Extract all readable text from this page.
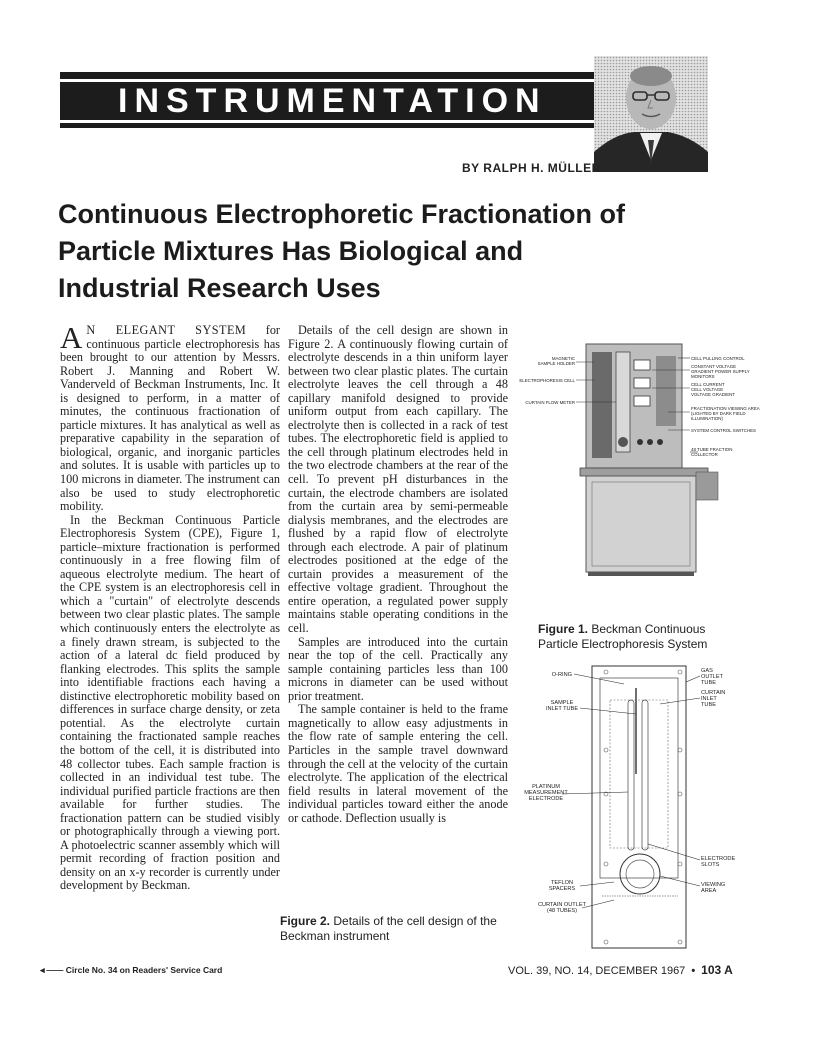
INSTRUMENTATION
BY RALPH H. MÜLLER
Continuous Electrophoretic Fractionation of
Particle Mixtures Has Biological and
Industrial Research Uses

A N ELEGANT SYSTEM for continuous particle electrophoresis has been brought to our attention by Messrs. Robert J. Manning and Robert W. Vanderveld of Beckman Instruments, Inc. It is designed to perform, in a matter of minutes, the continuous fractionation of particle mixtures. It has analytical as well as preparative capability in the separation of biological, organic, and inorganic particles and solutes. It is usable with particles up to 100 microns in diameter. The instrument can also be used to study electrophoretic mobility.

In the Beckman Continuous Particle Electrophoresis System (CPE), Figure 1, particle–mixture fractionation is performed continuously in a free flowing film of aqueous electrolyte medium. The heart of the CPE system is an electrophoresis cell in which a "curtain" of electrolyte descends between two clear plastic plates. The sample which continuously enters the electrolyte as a finely drawn stream, is subjected to the action of a lateral dc field produced by flanking electrodes. This splits the sample into identifiable fractions each having a distinctive electrophoretic mobility based on differences in surface charge density, or zeta potential. As the electrolyte curtain containing the fractionated sample reaches the bottom of the cell, it is distributed into 48 collector tubes. Each sample fraction is collected in an individual test tube. The individual purified particle fractions are then available for further studies. The fractionation pattern can be studied visibly or photographically through a viewing port. A photoelectric scanner assembly which will permit recording of fraction position and density on an x-y recorder is currently under development by Beckman.

Details of the cell design are shown in Figure 2. A continuously flowing curtain of electrolyte descends in a thin uniform layer between two clear plastic plates. The curtain electrolyte leaves the cell through a 48 capillary manifold designed to provide uniform output from each capillary. The electrolyte then is collected in a rack of test tubes. The electrophoretic field is applied to the cell through platinum electrodes held in the two electrode chambers at the rear of the cell. To prevent pH disturbances in the curtain, the electrode chambers are isolated from the curtain area by semi-permeable dialysis membranes, and the electrodes are flushed by a rapid flow of electrolyte through each electrode. A pair of platinum electrodes positioned at the edge of the curtain provides a measurement of the effective voltage gradient. Throughout the entire operation, a regulated power supply maintains stable operating conditions in the cell.

Samples are introduced into the curtain near the top of the cell. Practically any sample containing particles less than 100 microns in diameter can be used without prior treatment.

The sample container is held to the frame magnetically to allow easy adjustments in the flow rate of sample entering the cell. Particles in the sample travel downward through the cell at the velocity of the curtain electrolyte. The application of the electrical field results in lateral movement of the individual particles toward either the anode or cathode. Deflection usually is

MAGNETIC
SAMPLE HOLDER
ELECTROPHORESIS CELL
CURTAIN FLOW METER
CELL PULLING CONTROL
CONSTANT VOLTAGE
GRADIENT POWER SUPPLY
MONITORS
CELL CURRENT
CELL VOLTAGE
VOLTAGE GRADIENT
FRACTIONATION VIEWING AREA
(LIGHTED BY DARK FIELD
ILLUMINATION)
SYSTEM CONTROL SWITCHES
48 TUBE FRACTION
COLLECTOR
Figure 1. Beckman Continuous Particle Electrophoresis System
O-RING
SAMPLE
INLET TUBE
PLATINUM
MEASUREMENT
ELECTRODE
TEFLON
SPACERS
CURTAIN OUTLET
(48 TUBES)
GAS
OUTLET
TUBE
CURTAIN
INLET
TUBE
ELECTRODE
SLOTS
VIEWING
AREA
Figure 2. Details of the cell design of the Beckman instrument
◄—— Circle No. 34 on Readers' Service Card	VOL. 39, NO. 14, DECEMBER 1967 • 103 A
